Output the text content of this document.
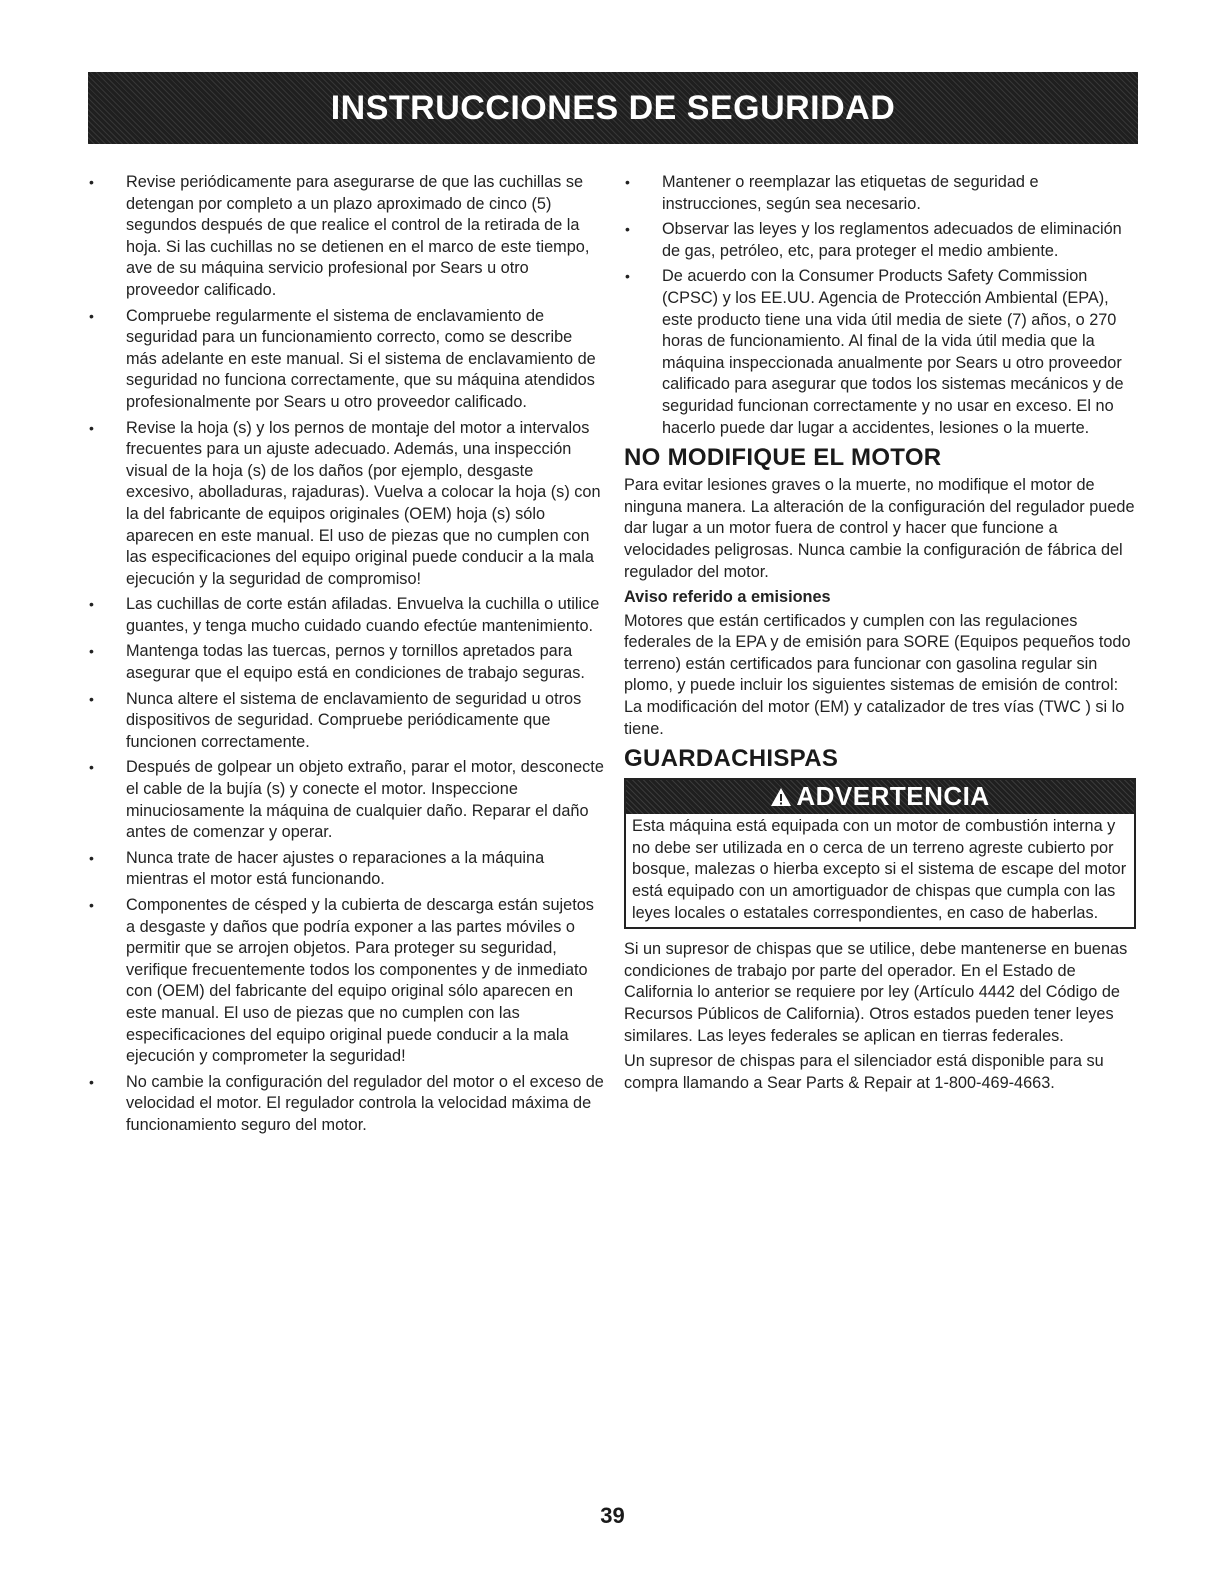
INSTRUCCIONES DE SEGURIDAD
• Revise periódicamente para asegurarse de que las cuchillas se detengan por completo a un plazo aproximado de cinco (5) segundos después de que realice el control de la retirada de la hoja. Si las cuchillas no se detienen en el marco de este tiempo, ave de su máquina servicio profesional por Sears u otro proveedor calificado.
• Compruebe regularmente el sistema de enclavamiento de seguridad para un funcionamiento correcto, como se describe más adelante en este manual. Si el sistema de enclavamiento de seguridad no funciona correctamente, que su máquina atendidos profesionalmente por Sears u otro proveedor calificado.
• Revise la hoja (s) y los pernos de montaje del motor a intervalos frecuentes para un ajuste adecuado. Además, una inspección visual de la hoja (s) de los daños (por ejemplo, desgaste excesivo, abolladuras, rajaduras). Vuelva a colocar la hoja (s) con la del fabricante de equipos originales (OEM) hoja (s) sólo aparecen en este manual. El uso de piezas que no cumplen con las especificaciones del equipo original puede conducir a la mala ejecución y la seguridad de compromiso!
• Las cuchillas de corte están afiladas. Envuelva la cuchilla o utilice guantes, y tenga mucho cuidado cuando efectúe mantenimiento.
• Mantenga todas las tuercas, pernos y tornillos apretados para asegurar que el equipo está en condiciones de trabajo seguras.
• Nunca altere el sistema de enclavamiento de seguridad u otros dispositivos de seguridad. Compruebe periódicamente que funcionen correctamente.
• Después de golpear un objeto extraño, parar el motor, desconecte el cable de la bujía (s) y conecte el motor. Inspeccione minuciosamente la máquina de cualquier daño. Reparar el daño antes de comenzar y operar.
• Nunca trate de hacer ajustes o reparaciones a la máquina mientras el motor está funcionando.
• Componentes de césped y la cubierta de descarga están sujetos a desgaste y daños que podría exponer a las partes móviles o permitir que se arrojen objetos. Para proteger su seguridad, verifique frecuentemente todos los componentes y de inmediato con (OEM) del fabricante del equipo original sólo aparecen en este manual. El uso de piezas que no cumplen con las especificaciones del equipo original puede conducir a la mala ejecución y comprometer la seguridad!
• No cambie la configuración del regulador del motor o el exceso de velocidad el motor. El regulador controla la velocidad máxima de funcionamiento seguro del motor.
• Mantener o reemplazar las etiquetas de seguridad e instrucciones, según sea necesario.
• Observar las leyes y los reglamentos adecuados de eliminación de gas, petróleo, etc, para proteger el medio ambiente.
• De acuerdo con la Consumer Products Safety Commission (CPSC) y los EE.UU. Agencia de Protección Ambiental (EPA), este producto tiene una vida útil media de siete (7) años, o 270 horas de funcionamiento. Al final de la vida útil media que la máquina inspeccionada anualmente por Sears u otro proveedor calificado para asegurar que todos los sistemas mecánicos y de seguridad funcionan correctamente y no usar en exceso. El no hacerlo puede dar lugar a accidentes, lesiones o la muerte.
NO MODIFIQUE EL MOTOR

Para evitar lesiones graves o la muerte, no modifique el motor de ninguna manera. La alteración de la configuración del regulador puede dar lugar a un motor fuera de control y hacer que funcione a velocidades peligrosas. Nunca cambie la configuración de fábrica del regulador del motor.

Aviso referido a emisiones

Motores que están certificados y cumplen con las regulaciones federales de la EPA y de emisión para SORE (Equipos pequeños todo terreno) están certificados para funcionar con gasolina regular sin plomo, y puede incluir los siguientes sistemas de emisión de control: La modificación del motor (EM) y catalizador de tres vías (TWC ) si lo tiene.

GUARDACHISPAS
ADVERTENCIA
Esta máquina está equipada con un motor de combustión interna y no debe ser utilizada en o cerca de un terreno agreste cubierto por bosque, malezas o hierba excepto si el sistema de escape del motor está equipado con un amortiguador de chispas que cumpla con las leyes locales o estatales correspondientes, en caso de haberlas.

Si un supresor de chispas que se utilice, debe mantenerse en buenas condiciones de trabajo por parte del operador. En el Estado de California lo anterior se requiere por ley (Artículo 4442 del Código de Recursos Públicos de California). Otros estados pueden tener leyes similares. Las leyes federales se aplican en tierras federales.

Un supresor de chispas para el silenciador está disponible para su compra llamando a Sear Parts & Repair at 1-800-469-4663.

39
